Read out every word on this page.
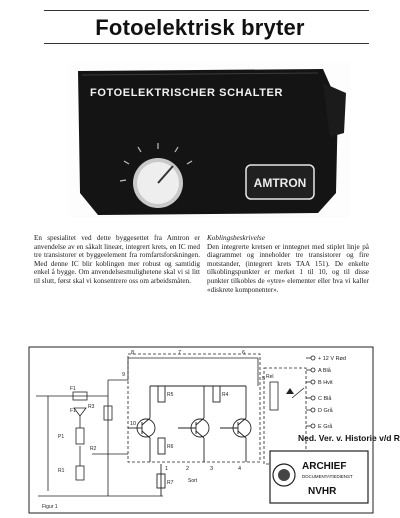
Fotoelektrisk bryter
FOTOELEKTRISCHER SCHALTER
AMTRON

En spesialitet ved dette byggesettet fra Amtron er anvendelse av en såkalt lineær, integrert krets, en IC med tre transistorer et byggeelement fra romfartsforskningen. Med denne IC blir koblingen mer robust og samtidig enkel å bygge. Om anvendelsesmulighetene skal vi si litt til slutt, først skal vi konsentrere oss om arbeidsmåten.

Koblingsbeskrivelse

Den integrerte kretsen er inntegnet med stiplet linje på diagrammet og inneholder tre transistorer og fire motstander, (integrert krets TAA 151). De enkelte tilkoblingspunkter er merket 1 til 10, og til disse punkter tilkobles de «ytre» elementer eller hva vi kaller «diskrete komponenter».

+ 12 V Rød
A Blå
B Hvit
C Blå
D Grå
E Grå
1	2	3	4
5
6
7
8
9
10
F1
F1
R3
R2
P1
R1
R5	R4
R6
R7
Rel
Sort
Figur 1
Ned. Ver. v. Historie v/d R
ARCHIEF
DOCUMENTATIEDIENST
NVHR
